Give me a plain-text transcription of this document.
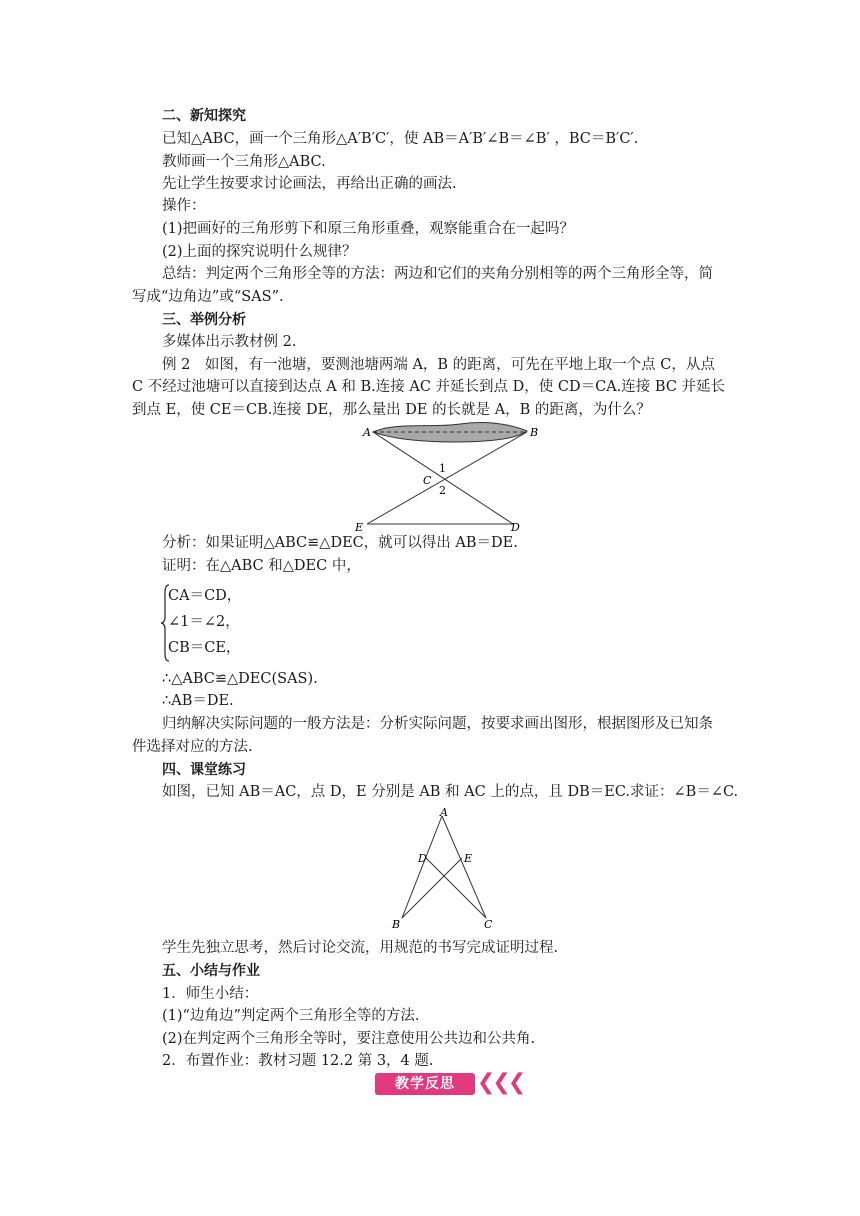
二、新知探究
已知△ABC，画一个三角形△A′B′C′，使 AB＝A′B′∠B＝∠B′ ，BC＝B′C′.
教师画一个三角形△ABC.
先让学生按要求讨论画法，再给出正确的画法.
操作：
(1)把画好的三角形剪下和原三角形重叠，观察能重合在一起吗？
(2)上面的探究说明什么规律？
总结：判定两个三角形全等的方法：两边和它们的夹角分别相等的两个三角形全等，简
写成“边角边”或“SAS”.
三、举例分析
多媒体出示教材例 2.
例 2　如图，有一池塘，要测池塘两端 A，B 的距离，可先在平地上取一个点 C，从点
C 不经过池塘可以直接到达点 A 和 B.连接 AC 并延长到点 D，使 CD＝CA.连接 BC 并延长
到点 E，使 CE＝CB.连接 DE，那么量出 DE 的长就是 A，B 的距离，为什么？
A	B
C
1
2
E	D
分析：如果证明△ABC≌△DEC，就可以得出 AB＝DE.
证明：在△ABC 和△DEC 中，
CA＝CD，
∠1＝∠2，
CB＝CE，
∴△ABC≌△DEC(SAS).
∴AB＝DE.
归纳解决实际问题的一般方法是：分析实际问题，按要求画出图形，根据图形及已知条
件选择对应的方法.
四、课堂练习
如图，已知 AB＝AC，点 D，E 分别是 AB 和 AC 上的点，且 DB＝EC.求证：∠B＝∠C.
A
D	E
B	C
学生先独立思考，然后讨论交流，用规范的书写完成证明过程.
五、小结与作业
1．师生小结：
(1)“边角边”判定两个三角形全等的方法.
(2)在判定两个三角形全等时，要注意使用公共边和公共角.
2．布置作业：教材习题 12.2 第 3，4 题.
教学反思	❮❮❮
